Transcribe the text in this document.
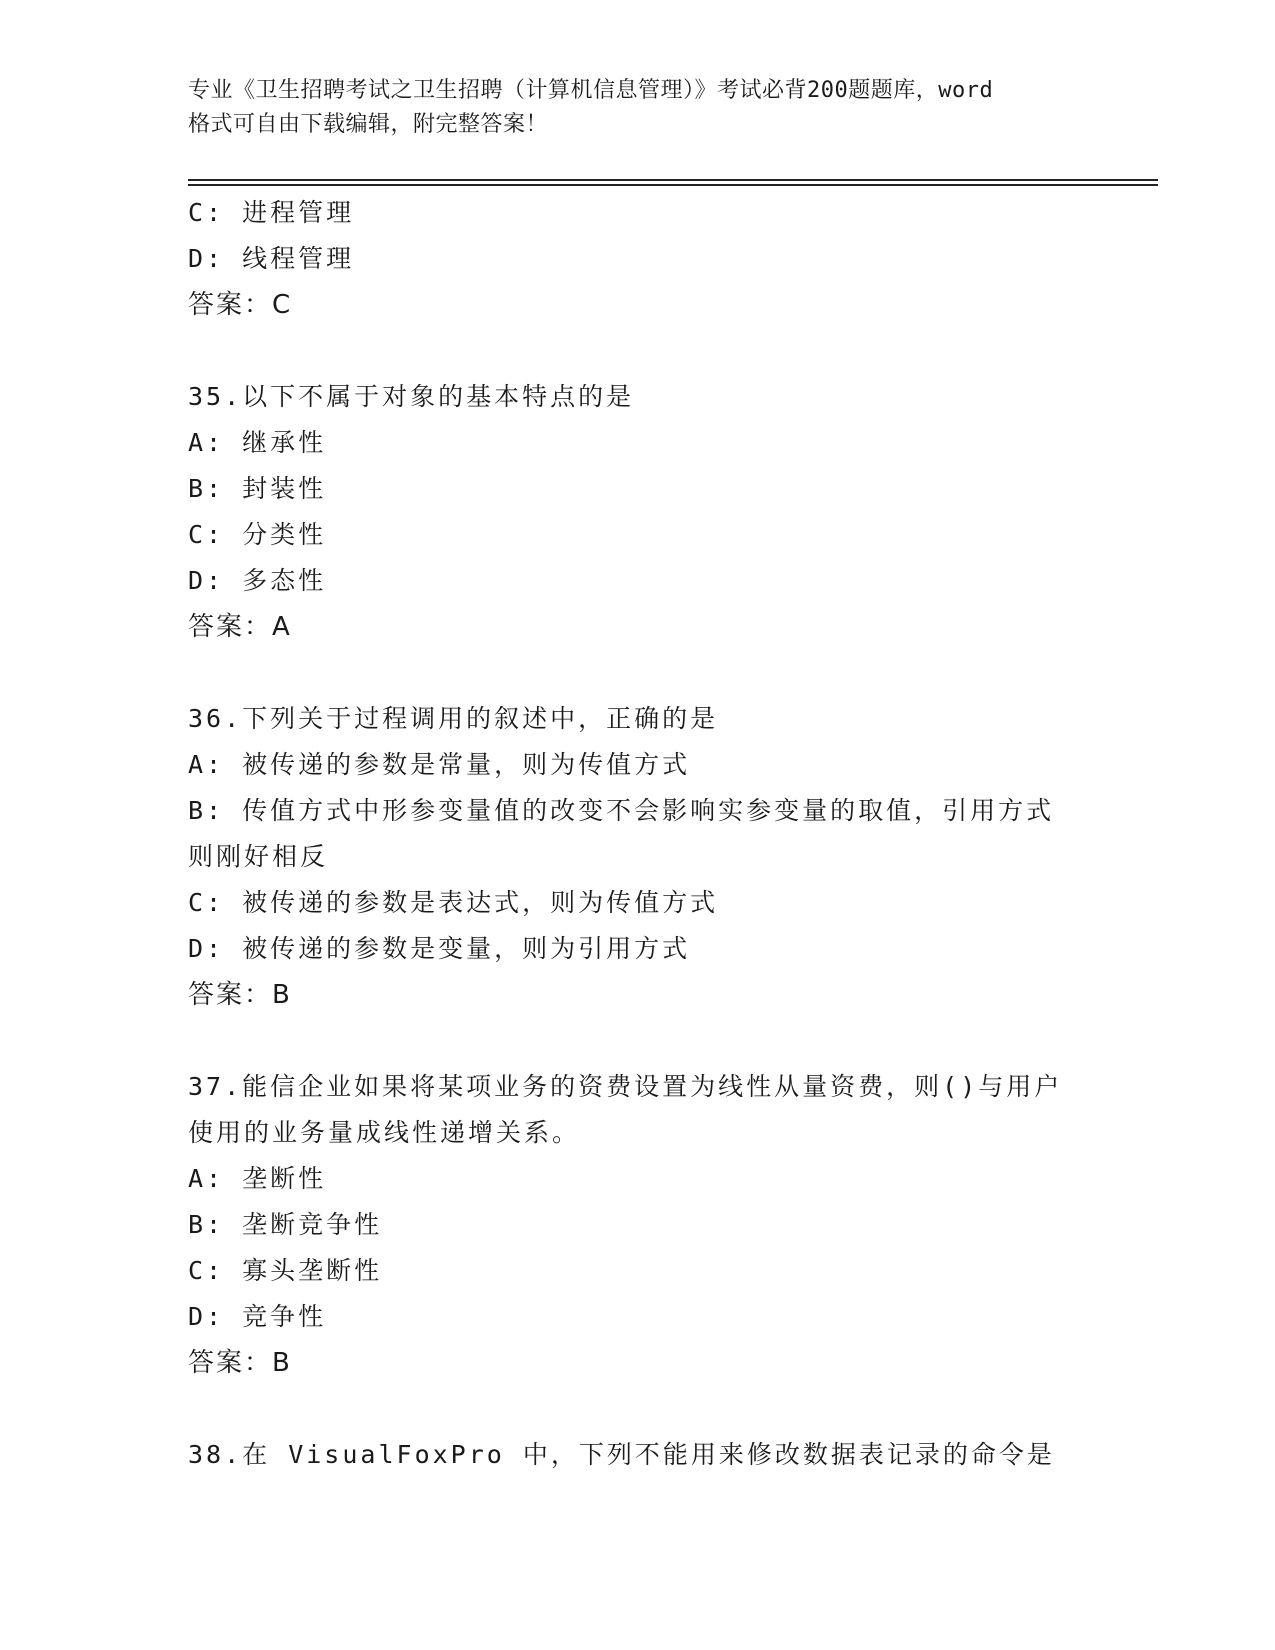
专业《卫生招聘考试之卫生招聘（计算机信息管理）》考试必背200题题库，word
格式可自由下载编辑，附完整答案！
C: 进程管理
D: 线程管理
答案：C
35.以下不属于对象的基本特点的是
A: 继承性
B: 封装性
C: 分类性
D: 多态性
答案：A
36.下列关于过程调用的叙述中，正确的是
A: 被传递的参数是常量，则为传值方式
B: 传值方式中形参变量值的改变不会影响实参变量的取值，引用方式
则刚好相反
C: 被传递的参数是表达式，则为传值方式
D: 被传递的参数是变量，则为引用方式
答案：B
37.能信企业如果将某项业务的资费设置为线性从量资费，则()与用户
使用的业务量成线性递增关系。
A: 垄断性
B: 垄断竞争性
C: 寡头垄断性
D: 竞争性
答案：B
38.在 VisualFoxPro 中，下列不能用来修改数据表记录的命令是
